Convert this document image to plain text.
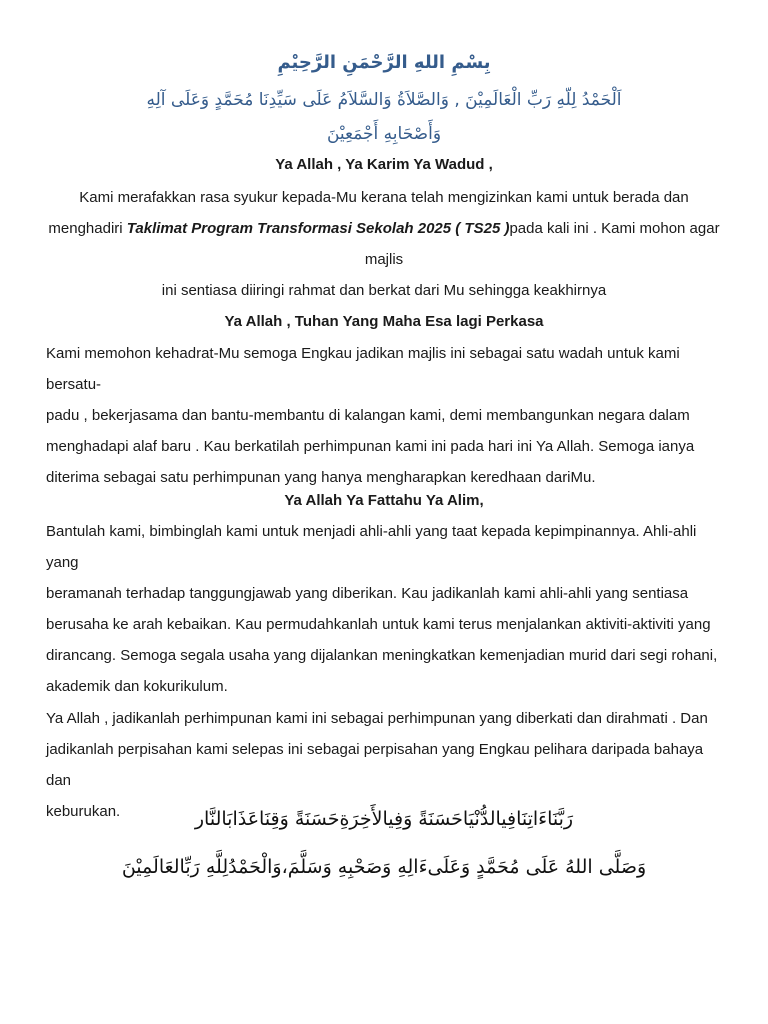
بِسْمِ اللهِ الرَّحْمَنِ الرَّحِيْمِ
اَلْحَمْدُ لِلّهِ رَبِّ الْعَالَمِيْنَ , وَالصَّلاَةُ وَالسَّلاَمُ عَلَى سَيِّدِنَا مُحَمَّدٍ وَعَلَى آلِهِ
وَأَصْحَابِهِ أَجْمَعِيْنَ
Ya Allah , Ya Karim Ya Wadud ,
Kami merafakkan rasa syukur kepada-Mu kerana telah mengizinkan kami untuk berada dan
menghadiri Taklimat Program Transformasi Sekolah 2025 ( TS25 )pada kali ini . Kami mohon agar majlis
ini sentiasa diiringi rahmat dan berkat dari Mu sehingga keakhirnya
Ya Allah , Tuhan Yang Maha Esa lagi Perkasa
Kami memohon kehadrat-Mu semoga Engkau jadikan majlis ini sebagai satu wadah untuk kami bersatu-
padu , bekerjasama dan bantu-membantu di kalangan kami, demi membangunkan negara dalam
menghadapi alaf baru . Kau berkatilah perhimpunan kami ini pada hari ini Ya Allah. Semoga ianya
diterima sebagai satu perhimpunan yang hanya mengharapkan keredhaan dariMu.
Ya Allah Ya Fattahu Ya Alim,
Bantulah kami, bimbinglah kami untuk menjadi ahli-ahli yang taat kepada kepimpinannya. Ahli-ahli yang
beramanah terhadap tanggungjawab yang diberikan. Kau jadikanlah kami ahli-ahli yang sentiasa
berusaha ke arah kebaikan. Kau permudahkanlah untuk kami terus menjalankan aktiviti-aktiviti yang
dirancang. Semoga segala usaha yang dijalankan meningkatkan kemenjadian murid dari segi rohani,
akademik dan kokurikulum.
Ya Allah , jadikanlah perhimpunan kami ini sebagai perhimpunan yang diberkati dan dirahmati . Dan
jadikanlah perpisahan kami selepas ini sebagai perpisahan yang Engkau pelihara daripada bahaya dan
keburukan.	رَبَّنَاءَاتِنَافِيالدُّنْيَاحَسَنَةً وَفِيالأَخِرَةِحَسَنَةً وَقِنَاعَذَابَالنَّار
وَصَلَّى اللهُ عَلَى مُحَمَّدٍ وَعَلَىءَالِهِ وَصَحْبِهِ وَسَلَّمَ،وَالْحَمْدُلِلَّهِ رَبِّالعَالَمِيْنَ
